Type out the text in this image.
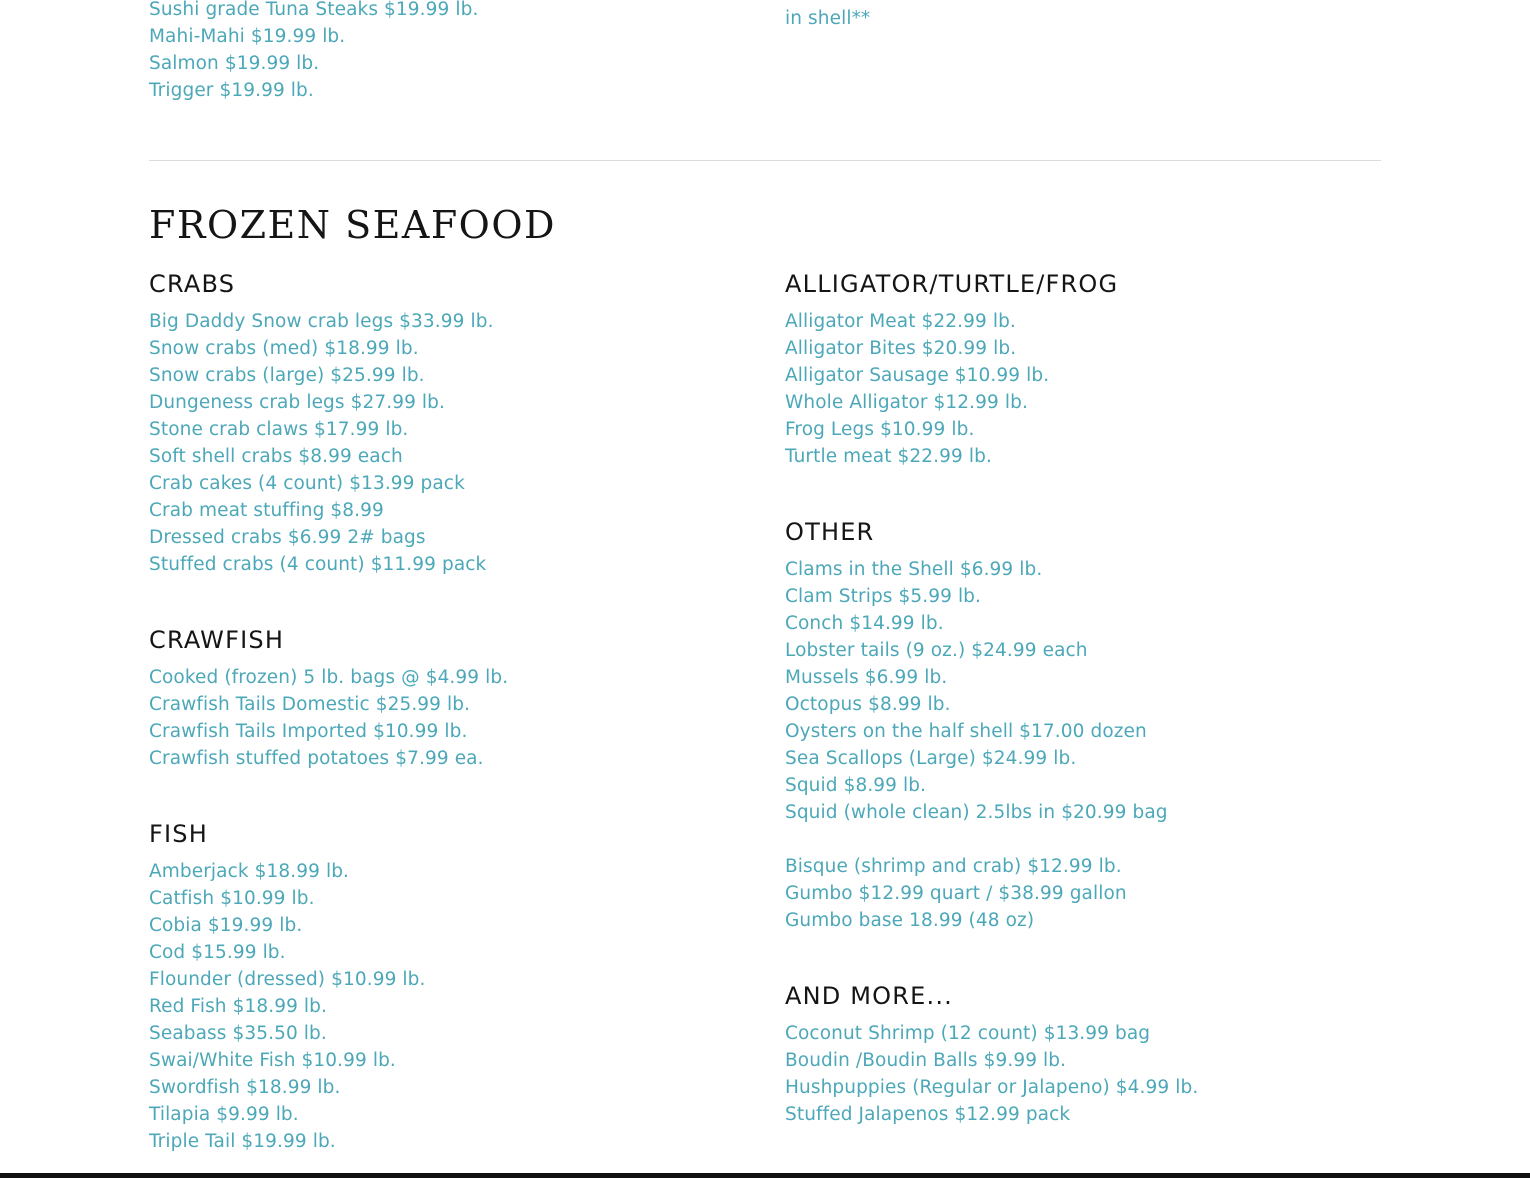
Sushi grade Tuna Steaks $19.99 lb.
Mahi-Mahi $19.99 lb.
Salmon $19.99 lb.
Trigger $19.99 lb.
in shell**
FROZEN SEAFOOD
CRABS
Big Daddy Snow crab legs $33.99 lb.
Snow crabs (med) $18.99 lb.
Snow crabs (large) $25.99 lb.
Dungeness crab legs $27.99 lb.
Stone crab claws $17.99 lb.
Soft shell crabs $8.99 each
Crab cakes (4 count) $13.99 pack
Crab meat stuffing $8.99
Dressed crabs $6.99 2# bags
Stuffed crabs (4 count) $11.99 pack
CRAWFISH
Cooked (frozen) 5 lb. bags @ $4.99 lb.
Crawfish Tails Domestic $25.99 lb.
Crawfish Tails Imported $10.99 lb.
Crawfish stuffed potatoes $7.99 ea.
FISH
Amberjack $18.99 lb.
Catfish $10.99 lb.
Cobia $19.99 lb.
Cod $15.99 lb.
Flounder (dressed) $10.99 lb.
Red Fish $18.99 lb.
Seabass $35.50 lb.
Swai/White Fish $10.99 lb.
Swordfish $18.99 lb.
Tilapia $9.99 lb.
Triple Tail $19.99 lb.
ALLIGATOR/TURTLE/FROG
Alligator Meat $22.99 lb.
Alligator Bites $20.99 lb.
Alligator Sausage $10.99 lb.
Whole Alligator $12.99 lb.
Frog Legs $10.99 lb.
Turtle meat $22.99 lb.
OTHER
Clams in the Shell $6.99 lb.
Clam Strips $5.99 lb.
Conch $14.99 lb.
Lobster tails (9 oz.) $24.99 each
Mussels $6.99 lb.
Octopus $8.99 lb.
Oysters on the half shell $17.00 dozen
Sea Scallops (Large) $24.99 lb.
Squid $8.99 lb.
Squid (whole clean) 2.5lbs in $20.99 bag
Bisque (shrimp and crab) $12.99 lb.
Gumbo $12.99 quart / $38.99 gallon
Gumbo base 18.99 (48 oz)
AND MORE...
Coconut Shrimp (12 count) $13.99 bag
Boudin /Boudin Balls $9.99 lb.
Hushpuppies (Regular or Jalapeno) $4.99 lb.
Stuffed Jalapenos $12.99 pack
